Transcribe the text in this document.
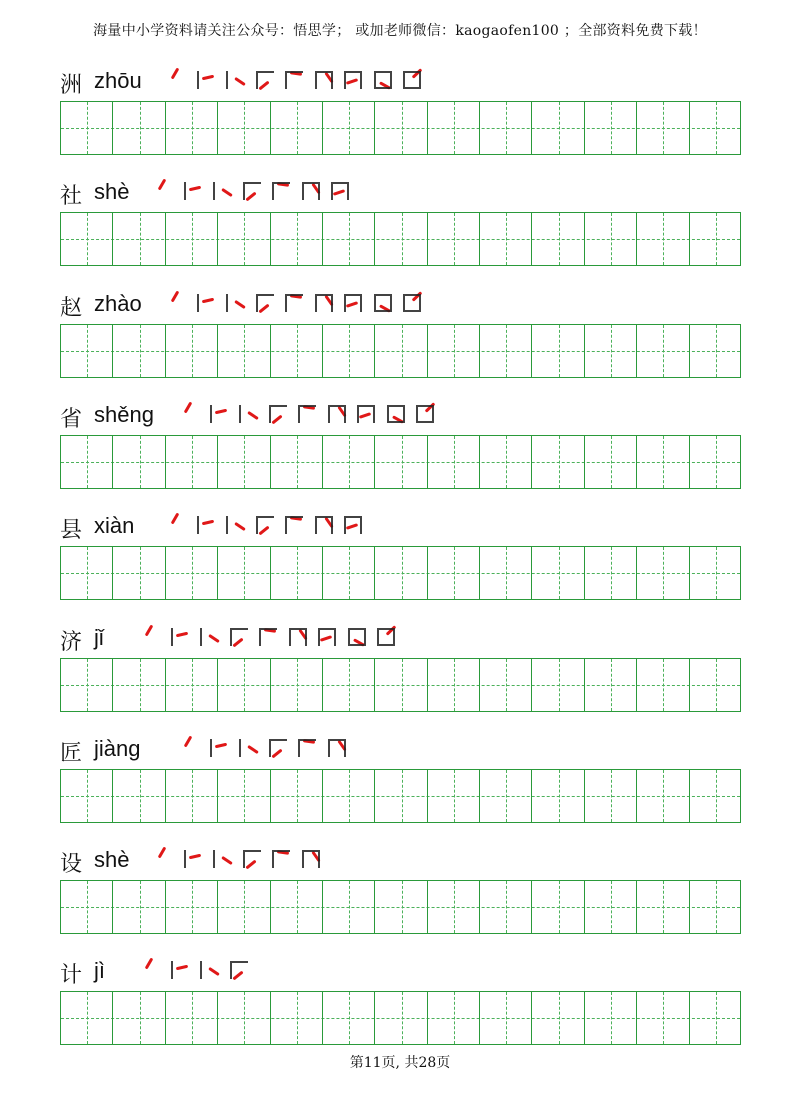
海量中小学资料请关注公众号：悟思学； 或加老师微信：kaogaofen100 ；全部资料免费下载！
洲 zhōu
社 shè
赵 zhào
省 shěng
县 xiàn
济 jǐ
匠 jiàng
设 shè
计 jì
第11页, 共28页
